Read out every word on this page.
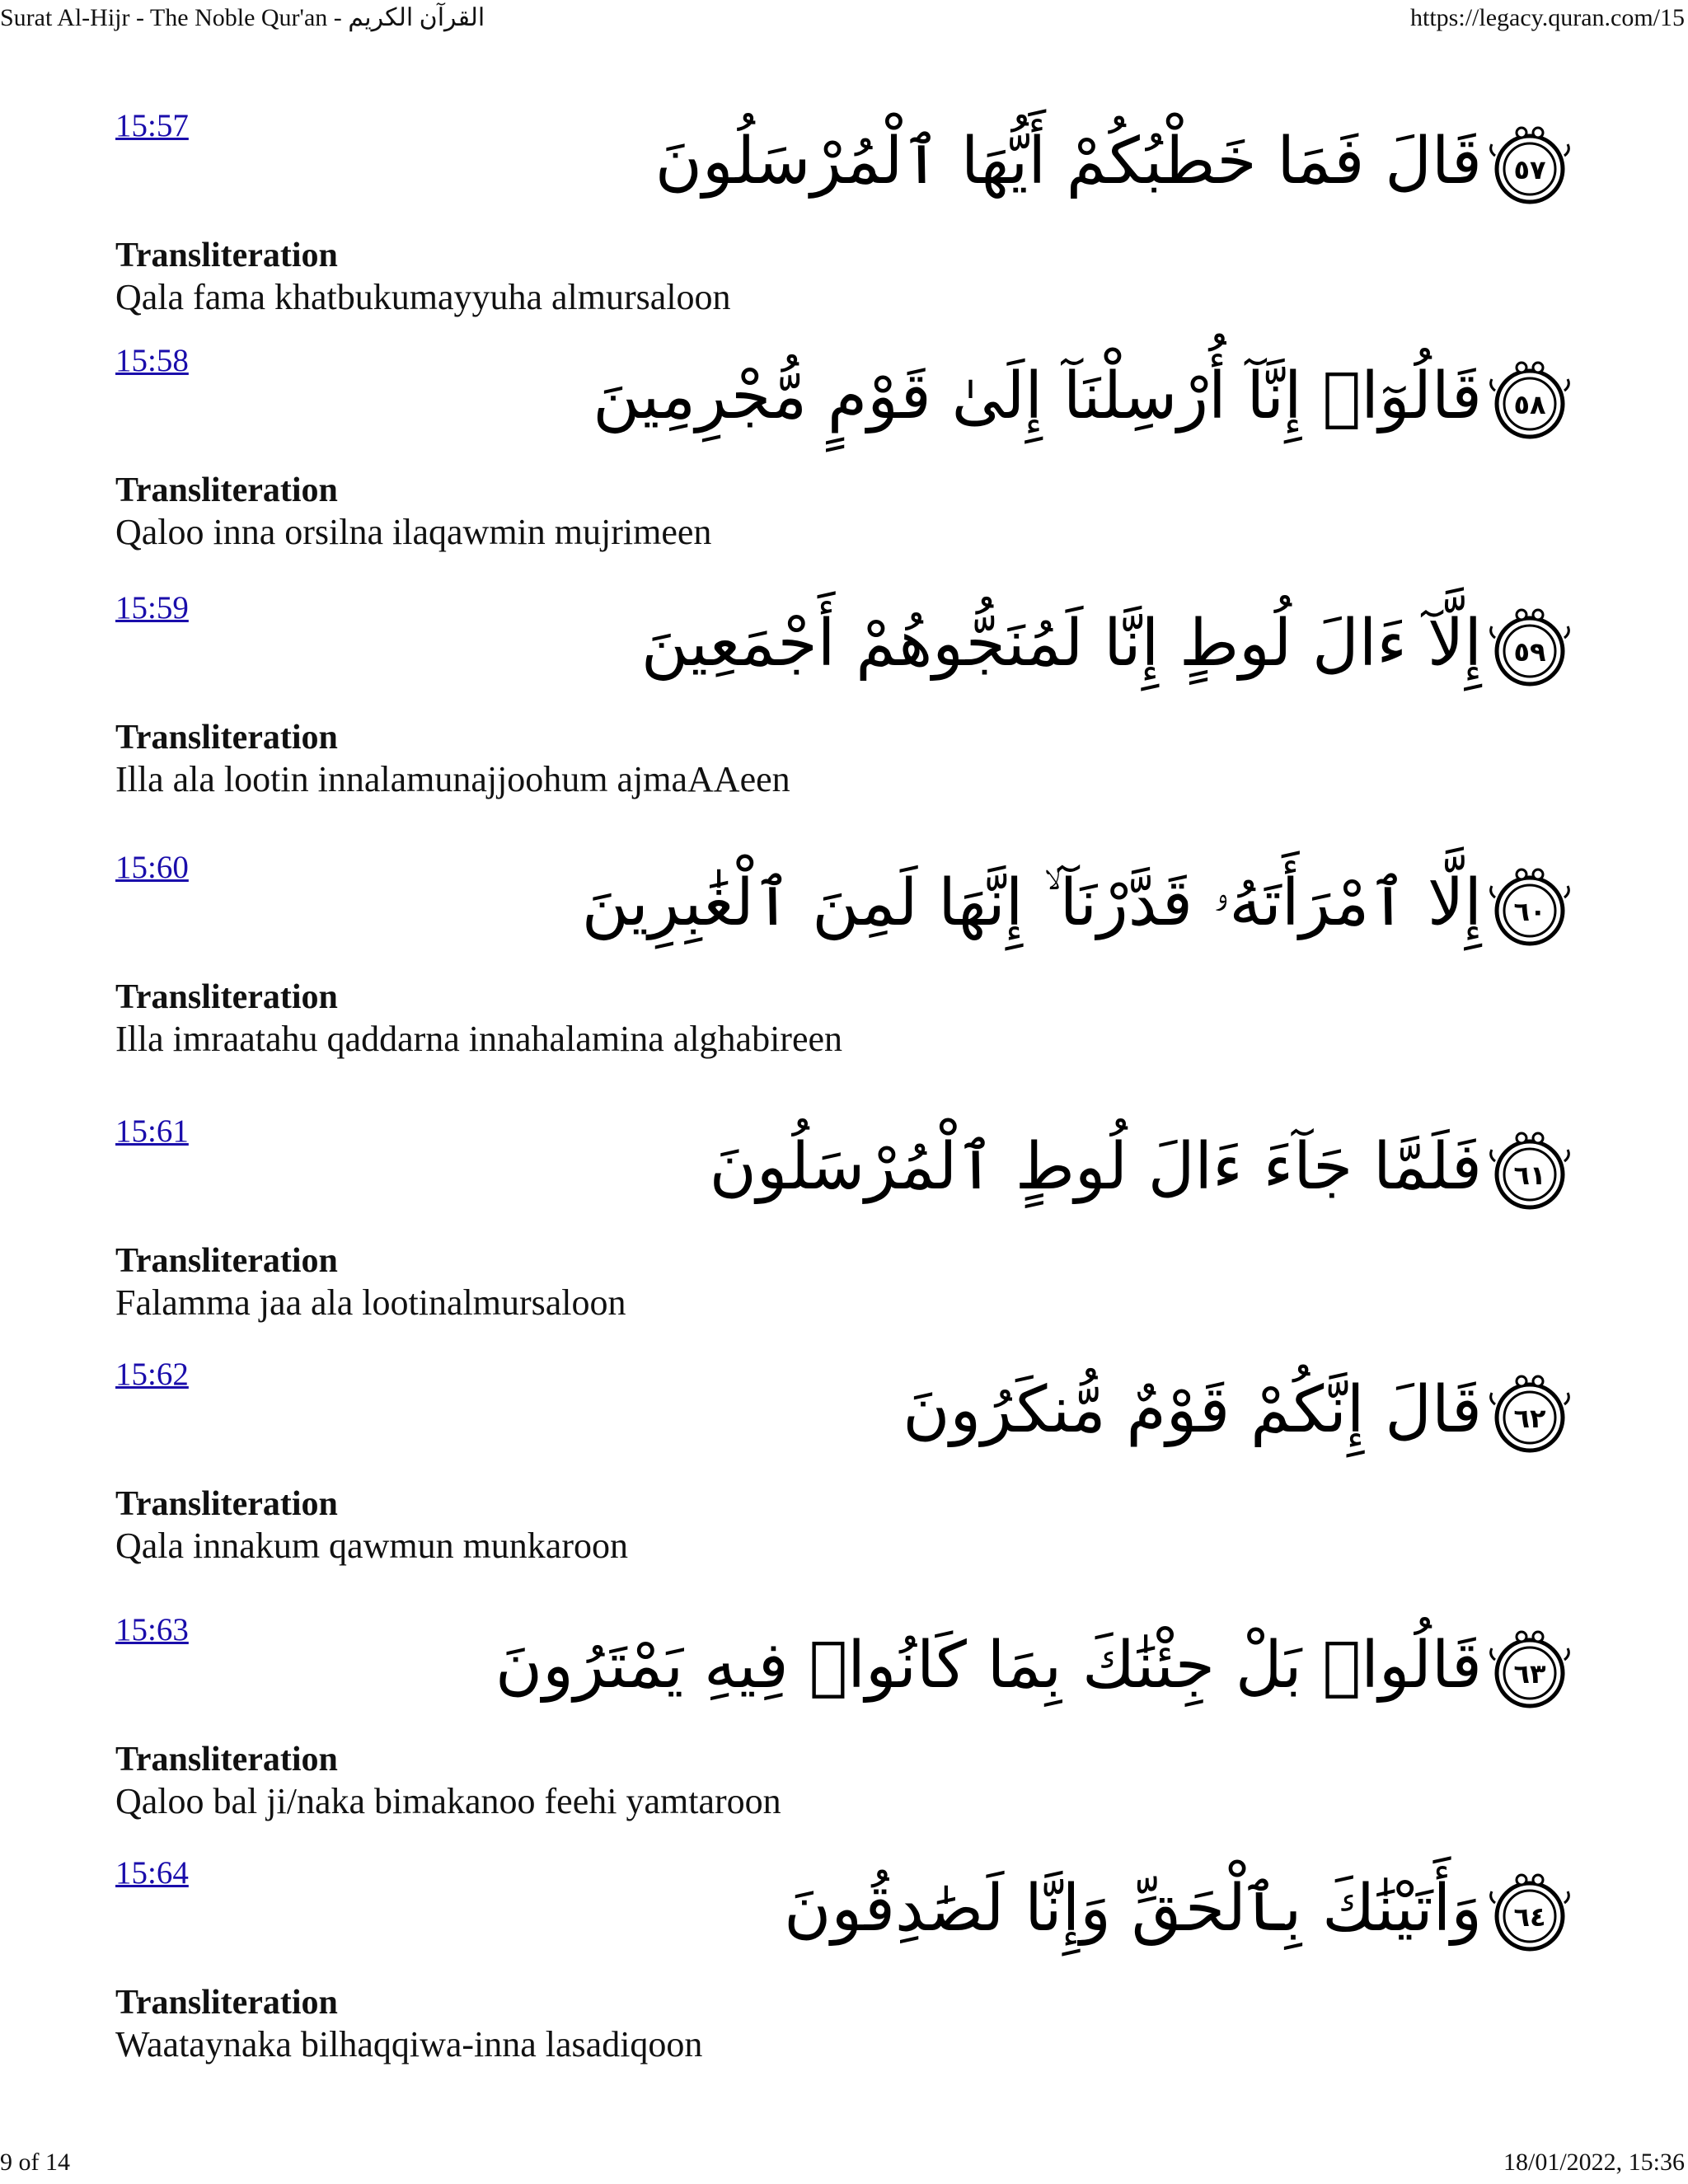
Surat Al-Hijr - The Noble Qur'an - القرآن الكريم	https://legacy.quran.com/15
15:57
٥٧
قَالَ فَمَا خَطْبُكُمْ أَيُّهَا ٱلْمُرْسَلُونَ
Transliteration
Qala fama khatbukumayyuha almursaloon
15:58
٥٨
قَالُوٓا۟ إِنَّآ أُرْسِلْنَآ إِلَىٰ قَوْمٍ مُّجْرِمِينَ
Transliteration
Qaloo inna orsilna ilaqawmin mujrimeen
15:59
٥٩
إِلَّآ ءَالَ لُوطٍ إِنَّا لَمُنَجُّوهُمْ أَجْمَعِينَ
Transliteration
Illa ala lootin innalamunajjoohum ajmaAAeen
15:60
٦٠
إِلَّا ٱمْرَأَتَهُۥ قَدَّرْنَآ ۙ إِنَّهَا لَمِنَ ٱلْغَٰبِرِينَ
Transliteration
Illa imraatahu qaddarna innahalamina alghabireen
15:61
٦١
فَلَمَّا جَآءَ ءَالَ لُوطٍ ٱلْمُرْسَلُونَ
Transliteration
Falamma jaa ala lootinalmursaloon
15:62
٦٢
قَالَ إِنَّكُمْ قَوْمٌ مُّنكَرُونَ
Transliteration
Qala innakum qawmun munkaroon
15:63
٦٣
قَالُوا۟ بَلْ جِئْنَٰكَ بِمَا كَانُوا۟ فِيهِ يَمْتَرُونَ
Transliteration
Qaloo bal ji/naka bimakanoo feehi yamtaroon
15:64
٦٤
وَأَتَيْنَٰكَ بِٱلْحَقِّ وَإِنَّا لَصَٰدِقُونَ
Transliteration
Waataynaka bilhaqqiwa-inna lasadiqoon
9 of 14	18/01/2022, 15:36
